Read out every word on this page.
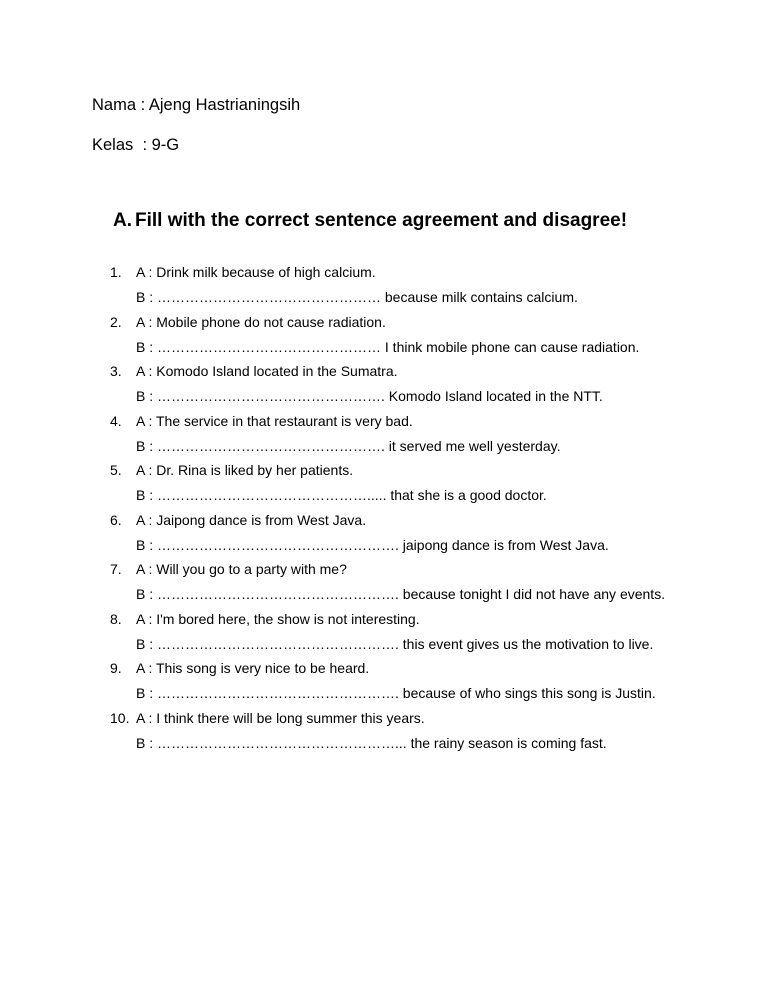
Nama : Ajeng Hastrianingsih
Kelas  : 9-G
A. Fill with the correct sentence agreement and disagree!
1.	A : Drink milk because of high calcium.
B : ………………………………………… because milk contains calcium.
2.	A : Mobile phone do not cause radiation.
B : ………………………………………… I think mobile phone can cause radiation.
3.	A : Komodo Island located in the Sumatra.
B : …………………………………………. Komodo Island located in the NTT.
4.	A : The service in that restaurant is very bad.
B : …………………………………………. it served me well yesterday.
5.	A : Dr. Rina is liked by her patients.
B : ………………………………………..... that she is a good doctor.
6.	A : Jaipong dance is from West Java.
B : ……………………………………………. jaipong dance is from West Java.
7.	A : Will you go to a party with me?
B : ……………………………………………. because tonight I did not have any events.
8.	A : I'm bored here, the show is not interesting.
B : ……………………………………………. this event gives us the motivation to live.
9.	A : This song is very nice to be heard.
B : ……………………………………………. because of who sings this song is Justin.
10. A : I think there will be long summer this years.
B : ……………………………………………... the rainy season is coming fast.
